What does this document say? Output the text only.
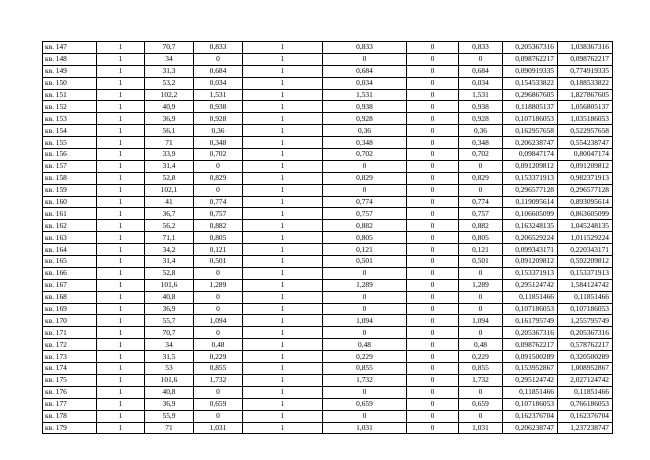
кв. 147	1	70,7	0,833	1	0,833	0	0,833	0,205367316	1,038367316
кв. 148	1	34	0	1	0	0	0	0,098762217	0,098762217
кв. 149	1	31,3	0,684	1	0,684	0	0,684	0,090919335	0,774919335
кв. 150	1	53,2	0,034	1	0,034	0	0,034	0,154533822	0,188533822
кв. 151	1	102,2	1,531	1	1,531	0	1,531	0,296867605	1,827867605
кв. 152	1	40,9	0,938	1	0,938	0	0,938	0,118805137	1,056805137
кв. 153	1	36,9	0,928	1	0,928	0	0,928	0,107186053	1,035186053
кв. 154	1	56,1	0,36	1	0,36	0	0,36	0,162957658	0,522957658
кв. 155	1	71	0,348	1	0,348	0	0,348	0,206238747	0,554238747
кв. 156	1	33,9	0,702	1	0,702	0	0,702	0,09847174	0,80047174
кв. 157	1	31,4	0	1	0	0	0	0,091209812	0,091209812
кв. 158	1	52,8	0,829	1	0,829	0	0,829	0,153371913	0,982371913
кв. 159	1	102,1	0	1	0	0	0	0,296577128	0,296577128
кв. 160	1	41	0,774	1	0,774	0	0,774	0,119095614	0,893095614
кв. 161	1	36,7	0,757	1	0,757	0	0,757	0,106605099	0,863605099
кв. 162	1	56,2	0,882	1	0,882	0	0,882	0,163248135	1,045248135
кв. 163	1	71,1	0,805	1	0,805	0	0,805	0,206529224	1,011529224
кв. 164	1	34,2	0,121	1	0,121	0	0,121	0,099343171	0,220343171
кв. 165	1	31,4	0,501	1	0,501	0	0,501	0,091209812	0,592209812
кв. 166	1	52,8	0	1	0	0	0	0,153371913	0,153371913
кв. 167	1	101,6	1,289	1	1,289	0	1,289	0,295124742	1,584124742
кв. 168	1	40,8	0	1	0	0	0	0,11851466	0,11851466
кв. 169	1	36,9	0	1	0	0	0	0,107186053	0,107186053
кв. 170	1	55,7	1,094	1	1,094	0	1,094	0,161795749	1,255795749
кв. 171	1	70,7	0	1	0	0	0	0,205367316	0,205367316
кв. 172	1	34	0,48	1	0,48	0	0,48	0,098762217	0,578762217
кв. 173	1	31,5	0,229	1	0,229	0	0,229	0,091500289	0,320500289
кв. 174	1	53	0,855	1	0,855	0	0,855	0,153952867	1,008952867
кв. 175	1	101,6	1,732	1	1,732	0	1,732	0,295124742	2,027124742
кв. 176	1	40,8	0	1	0	0	0	0,11851466	0,11851466
кв. 177	1	36,9	0,659	1	0,659	0	0,659	0,107186053	0,766186053
кв. 178	1	55,9	0	1	0	0	0	0,162376704	0,162376704
кв. 179	1	71	1,031	1	1,031	0	1,031	0,206238747	1,237238747
